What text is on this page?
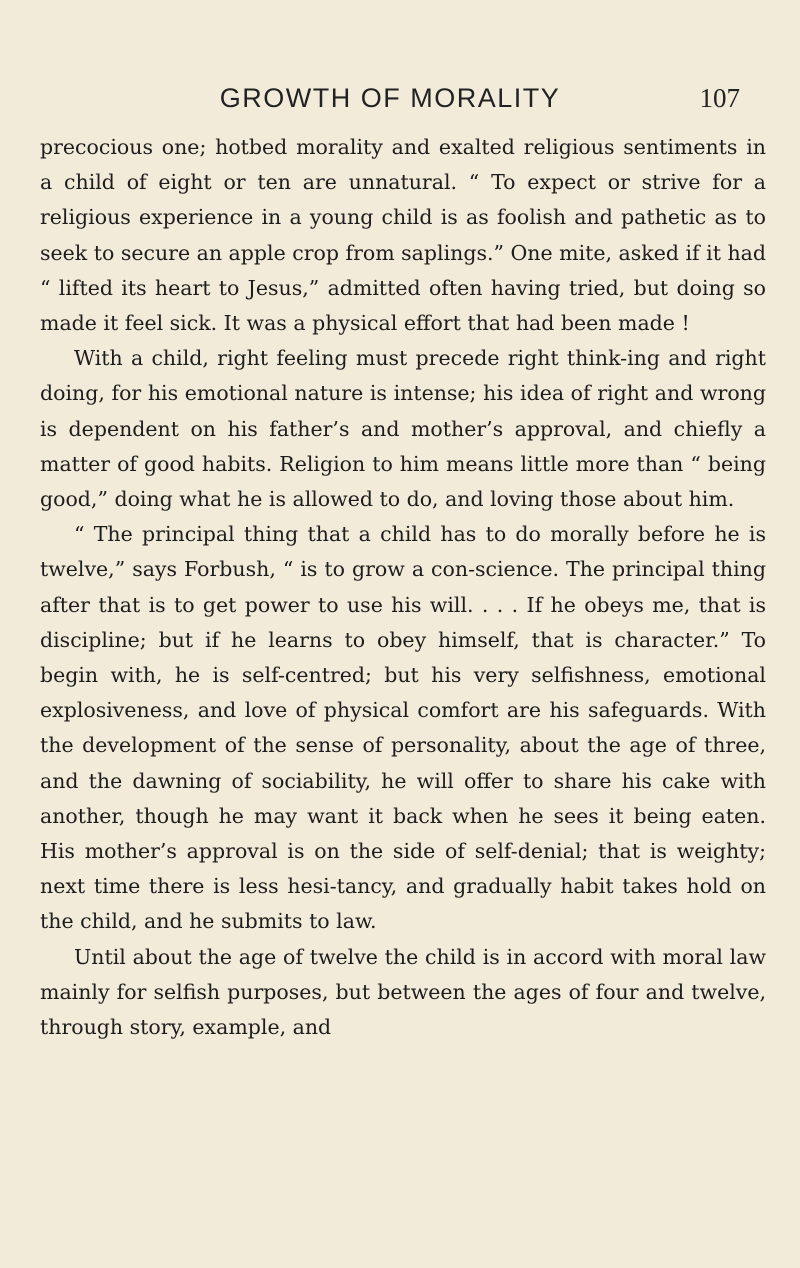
GROWTH OF MORALITY	107

precocious one; hotbed morality and exalted religious sentiments in a child of eight or ten are unnatural. “ To expect or strive for a religious experience in a young child is as foolish and pathetic as to seek to secure an apple crop from saplings.” One mite, asked if it had “ lifted its heart to Jesus,” admitted often having tried, but doing so made it feel sick. It was a physical effort that had been made !

With a child, right feeling must precede right think-ing and right doing, for his emotional nature is intense; his idea of right and wrong is dependent on his father’s and mother’s approval, and chiefly a matter of good habits. Religion to him means little more than “ being good,” doing what he is allowed to do, and loving those about him.

“ The principal thing that a child has to do morally before he is twelve,” says Forbush, “ is to grow a con-science. The principal thing after that is to get power to use his will. . . . If he obeys me, that is discipline; but if he learns to obey himself, that is character.” To begin with, he is self-centred; but his very selfishness, emotional explosiveness, and love of physical comfort are his safeguards. With the development of the sense of personality, about the age of three, and the dawning of sociability, he will offer to share his cake with another, though he may want it back when he sees it being eaten. His mother’s approval is on the side of self-denial; that is weighty; next time there is less hesi-tancy, and gradually habit takes hold on the child, and he submits to law.

Until about the age of twelve the child is in accord with moral law mainly for selfish purposes, but between the ages of four and twelve, through story, example, and
